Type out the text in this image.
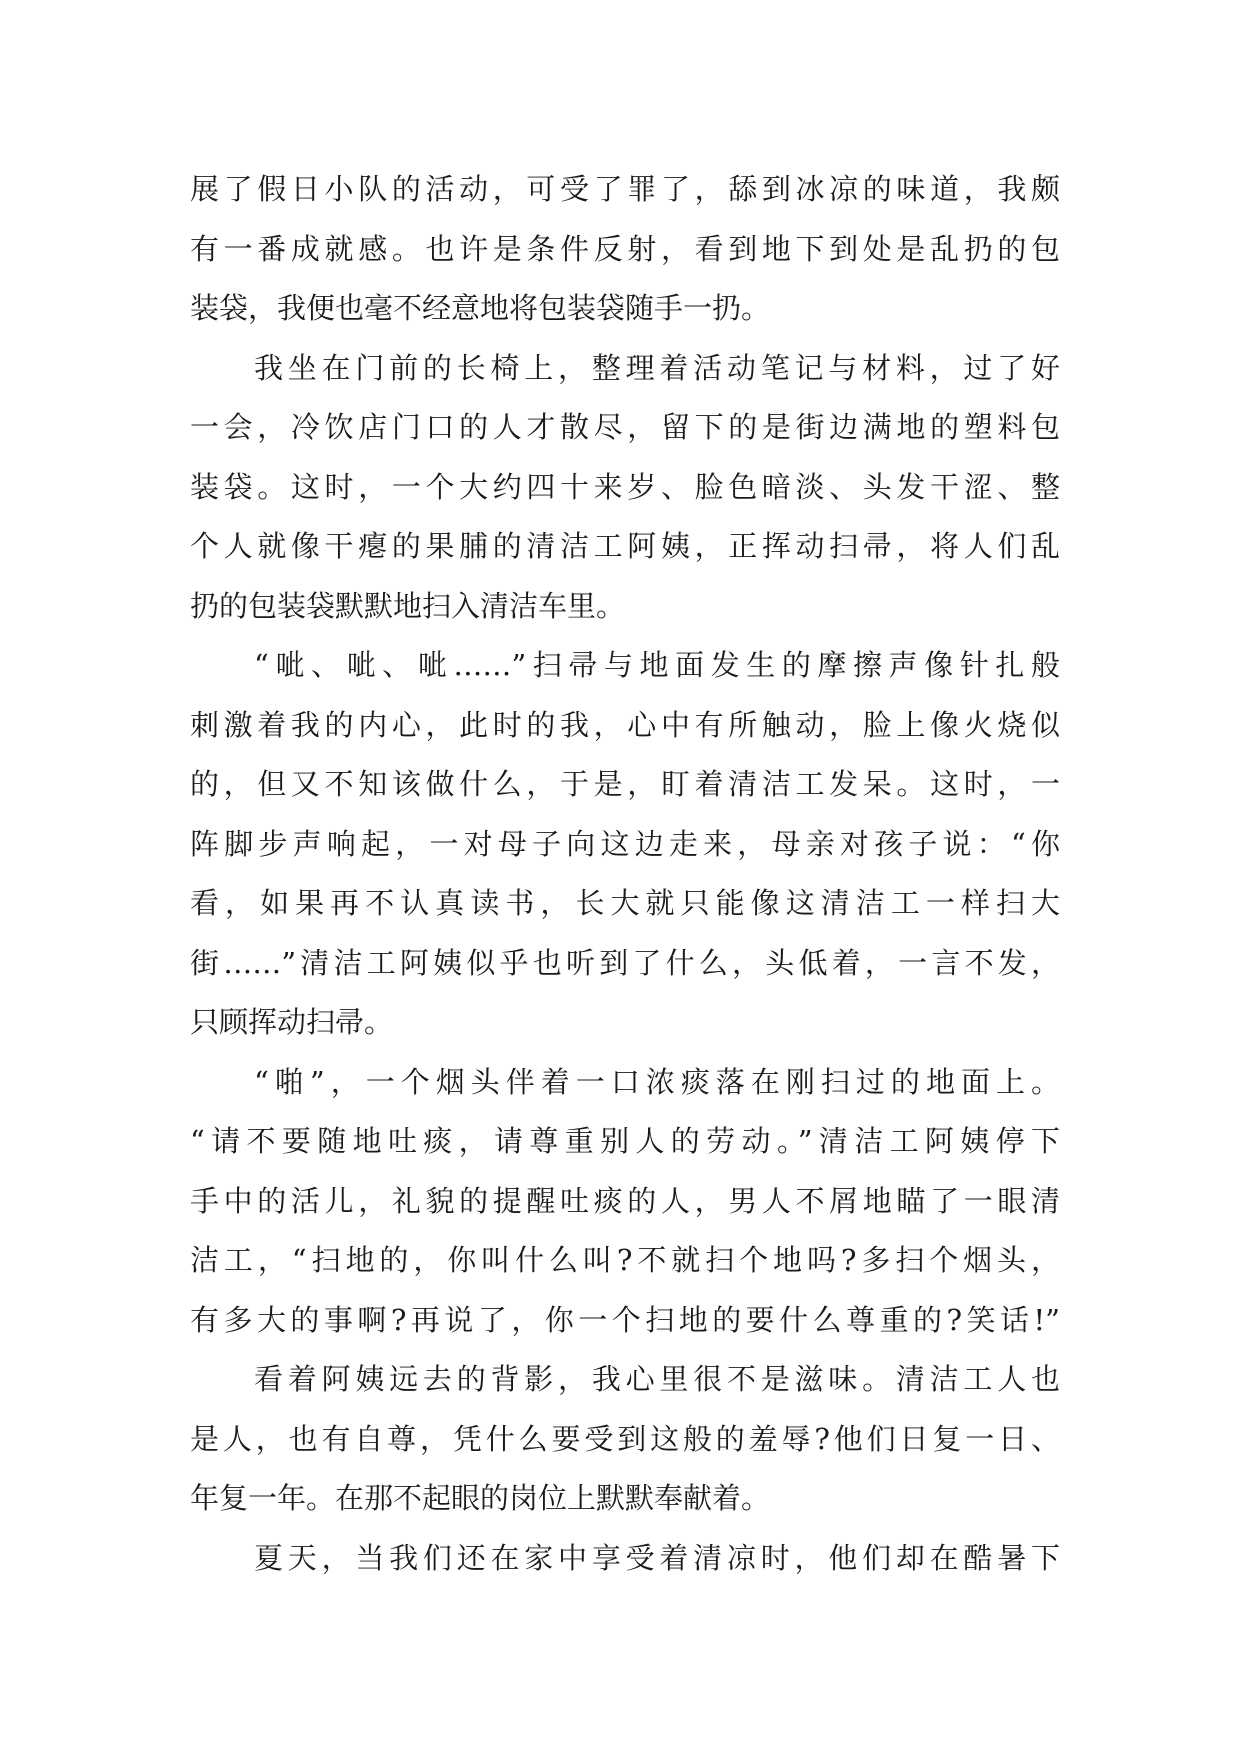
展了假日小队的活动，可受了罪了，舔到冰凉的味道，我颇
有一番成就感。也许是条件反射，看到地下到处是乱扔的包
装袋，我便也毫不经意地将包装袋随手一扔。
我坐在门前的长椅上，整理着活动笔记与材料，过了好
一会，冷饮店门口的人才散尽，留下的是街边满地的塑料包
装袋。这时，一个大约四十来岁、脸色暗淡、头发干涩、整
个人就像干瘪的果脯的清洁工阿姨，正挥动扫帚，将人们乱
扔的包装袋默默地扫入清洁车里。
“呲、呲、呲……”扫帚与地面发生的摩擦声像针扎般
刺激着我的内心，此时的我，心中有所触动，脸上像火烧似
的，但又不知该做什么，于是，盯着清洁工发呆。这时，一
阵脚步声响起，一对母子向这边走来，母亲对孩子说：“你
看，如果再不认真读书，长大就只能像这清洁工一样扫大
街……”清洁工阿姨似乎也听到了什么，头低着，一言不发，
只顾挥动扫帚。
“啪”，一个烟头伴着一口浓痰落在刚扫过的地面上。
“请不要随地吐痰，请尊重别人的劳动。”清洁工阿姨停下
手中的活儿，礼貌的提醒吐痰的人，男人不屑地瞄了一眼清
洁工，“扫地的，你叫什么叫?不就扫个地吗?多扫个烟头，
有多大的事啊?再说了，你一个扫地的要什么尊重的?笑话!”
看着阿姨远去的背影，我心里很不是滋味。清洁工人也
是人，也有自尊，凭什么要受到这般的羞辱?他们日复一日、
年复一年。在那不起眼的岗位上默默奉献着。
夏天，当我们还在家中享受着清凉时，他们却在酷暑下
